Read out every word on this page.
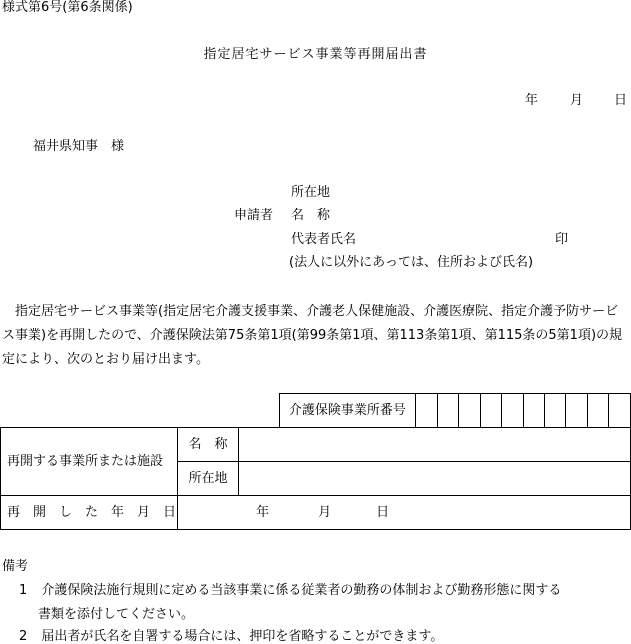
様式第6号(第6条関係)
指定居宅サービス事業等再開届出書
年 月 日
福井県知事　様
所在地
申請者 名　称
代表者氏名	印
(法人に以外にあっては、住所および氏名)
　指定居宅サービス事業等(指定居宅介護支援事業、介護老人保健施設、介護医療院、指定介護予防サービス事業)を再開したので、介護保険法第75条第1項(第99条第1項、第113条第1項、第115条の5第1項)の規定により、次のとおり届け出ます。
			介護保険事業所番号										
再開する事業所または施設	名　称												
	所在地												
再　開　し　た　年　月　日	年 月 日												
備考
1 介護保険法施行規則に定める当該事業に係る従業者の勤務の体制および勤務形態に関する
書類を添付してください。
2 届出者が氏名を自署する場合には、押印を省略することができます。
